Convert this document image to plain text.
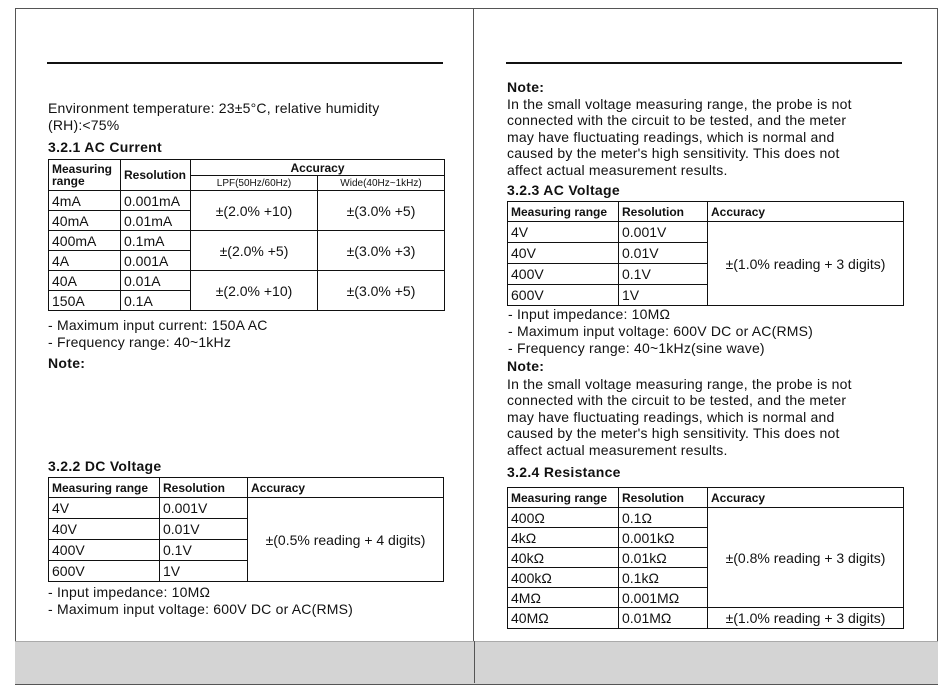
Environment temperature: 23±5°C, relative humidity
(RH):<75%
3.2.1 AC Current
Measuring
range	Resolution	Accuracy	
		LPF(50Hz/60Hz)	Wide(40Hz~1kHz)
4mA	0.001mA	±(2.0% +10)	±(3.0% +5)
40mA	0.01mA		
400mA	0.1mA	±(2.0% +5)	±(3.0% +3)
4A	0.001A		
40A	0.01A	±(2.0% +10)	±(3.0% +5)
150A	0.1A		
- Maximum input current: 150A AC
- Frequency range: 40~1kHz
Note:
3.2.2 DC Voltage
Measuring range	Resolution	Accuracy
4V	0.001V	±(0.5% reading + 4 digits)
40V	0.01V	
400V	0.1V	
600V	1V	
- Input impedance: 10MΩ
- Maximum input voltage: 600V DC or AC(RMS)
Note:
In the small voltage measuring range, the probe is not
connected with the circuit to be tested, and the meter
may have fluctuating readings, which is normal and
caused by the meter's high sensitivity. This does not
affect actual measurement results.
3.2.3 AC Voltage
Measuring range	Resolution	Accuracy
4V	0.001V	±(1.0% reading + 3 digits)
40V	0.01V	
400V	0.1V	
600V	1V	
- Input impedance: 10MΩ
- Maximum input voltage: 600V DC or AC(RMS)
- Frequency range: 40~1kHz(sine wave)
Note:
In the small voltage measuring range, the probe is not
connected with the circuit to be tested, and the meter
may have fluctuating readings, which is normal and
caused by the meter's high sensitivity. This does not
affect actual measurement results.
3.2.4 Resistance
Measuring range	Resolution	Accuracy
400Ω	0.1Ω	±(0.8% reading + 3 digits)
4kΩ	0.001kΩ	
40kΩ	0.01kΩ	
400kΩ	0.1kΩ	
4MΩ	0.001MΩ	
40MΩ	0.01MΩ	±(1.0% reading + 3 digits)
